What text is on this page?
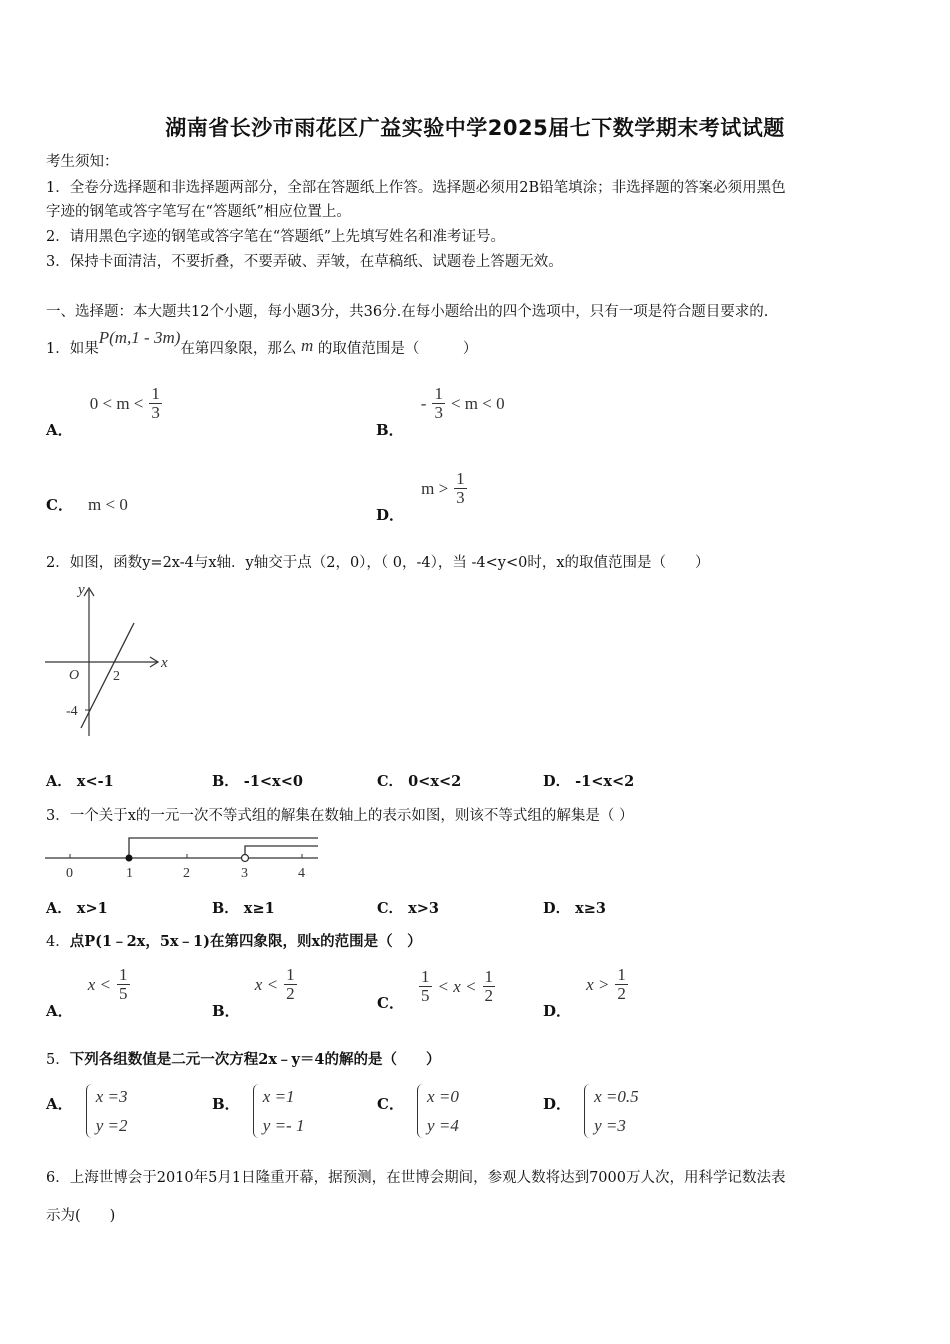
湖南省长沙市雨花区广益实验中学2025届七下数学期末考试试题
考生须知：
1．全卷分选择题和非选择题两部分，全部在答题纸上作答。选择题必须用2B铅笔填涂；非选择题的答案必须用黑色
字迹的钢笔或答字笔写在“答题纸”相应位置上。
2．请用黑色字迹的钢笔或答字笔在“答题纸”上先填写姓名和准考证号。
3．保持卡面清洁，不要折叠，不要弄破、弄皱，在草稿纸、试题卷上答题无效。
一、选择题：本大题共12个小题，每小题3分，共36分.在每小题给出的四个选项中，只有一项是符合题目要求的.
1．如果P(m,1 - 3m)在第四象限，那么 m 的取值范围是（　　　）
A．
$0 < m < \frac{1}{3}$
B．
- $\frac{1}{3} < m < 0$
C． m < 0
D．
$m > \frac{1}{3}$
2．如图，函数y=2x-4与x轴．y轴交于点（2，0），（ 0，-4），当 -4<y<0时，x的取值范围是（　　）
y
x
O 2
-4
A． x<-1	B． -1<x<0	C． 0<x<2	D． -1<x<2
3．一个关于x的一元一次不等式组的解集在数轴上的表示如图，则该不等式组的解集是（ ）
0	1	2	3	4
A． x>1	B． x≥1	C． x>3	D． x≥3
4．点P(1﹣2x，5x﹣1)在第四象限，则x的范围是（　）
A．
$x < \frac{1}{5}$
B．
$x < \frac{1}{2}$	C． $\frac{1}{5} < x < \frac{1}{2}$
D．
$x > \frac{1}{2}$
5．下列各组数值是二元一次方程2x﹣y＝4的解的是（　　）
A． x =3
y =2
B． x =1
y =- 1
C． x =0
y =4
D． x =0.5
y =3
6．上海世博会于2010年5月1日隆重开幕，据预测，在世博会期间，参观人数将达到7000万人次，用科学记数法表
示为(　　)
